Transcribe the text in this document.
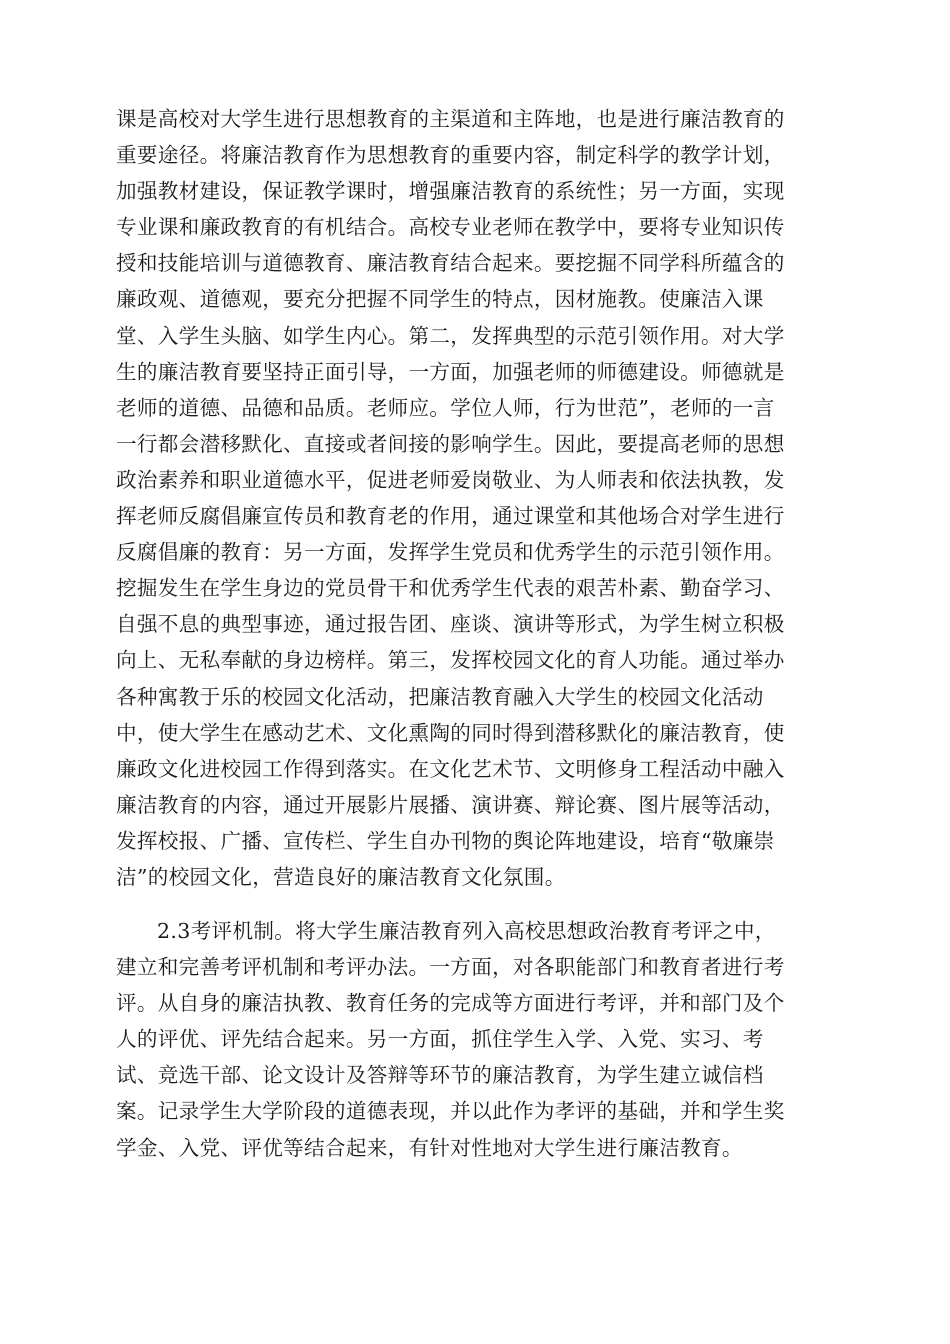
课是高校对大学生进行思想教育的主渠道和主阵地，也是进行廉洁教育的
重要途径。将廉洁教育作为思想教育的重要内容，制定科学的教学计划，
加强教材建设，保证教学课时，增强廉洁教育的系统性；另一方面，实现
专业课和廉政教育的有机结合。高校专业老师在教学中，要将专业知识传
授和技能培训与道德教育、廉洁教育结合起来。要挖掘不同学科所蕴含的
廉政观、道德观，要充分把握不同学生的特点，因材施教。使廉洁入课
堂、入学生头脑、如学生内心。第二，发挥典型的示范引领作用。对大学
生的廉洁教育要坚持正面引导，一方面，加强老师的师德建设。师德就是
老师的道德、品德和品质。老师应。学位人师，行为世范”，老师的一言
一行都会潜移默化、直接或者间接的影响学生。因此，要提高老师的思想
政治素养和职业道德水平，促进老师爱岗敬业、为人师表和依法执教，发
挥老师反腐倡廉宣传员和教育老的作用，通过课堂和其他场合对学生进行
反腐倡廉的教育：另一方面，发挥学生党员和优秀学生的示范引领作用。
挖掘发生在学生身边的党员骨干和优秀学生代表的艰苦朴素、勤奋学习、
自强不息的典型事迹，通过报告团、座谈、演讲等形式，为学生树立积极
向上、无私奉献的身边榜样。第三，发挥校园文化的育人功能。通过举办
各种寓教于乐的校园文化活动，把廉洁教育融入大学生的校园文化活动
中，使大学生在感动艺术、文化熏陶的同时得到潜移默化的廉洁教育，使
廉政文化进校园工作得到落实。在文化艺术节、文明修身工程活动中融入
廉洁教育的内容，通过开展影片展播、演讲赛、辩论赛、图片展等活动，
发挥校报、广播、宣传栏、学生自办刊物的舆论阵地建设，培育“敬廉崇
洁”的校园文化，营造良好的廉洁教育文化氛围。
2.3考评机制。将大学生廉洁教育列入高校思想政治教育考评之中，
建立和完善考评机制和考评办法。一方面，对各职能部门和教育者进行考
评。从自身的廉洁执教、教育任务的完成等方面进行考评，并和部门及个
人的评优、评先结合起来。另一方面，抓住学生入学、入党、实习、考
试、竞选干部、论文设计及答辩等环节的廉洁教育，为学生建立诚信档
案。记录学生大学阶段的道德表现，并以此作为孝评的基础，并和学生奖
学金、入党、评优等结合起来，有针对性地对大学生进行廉洁教育。
